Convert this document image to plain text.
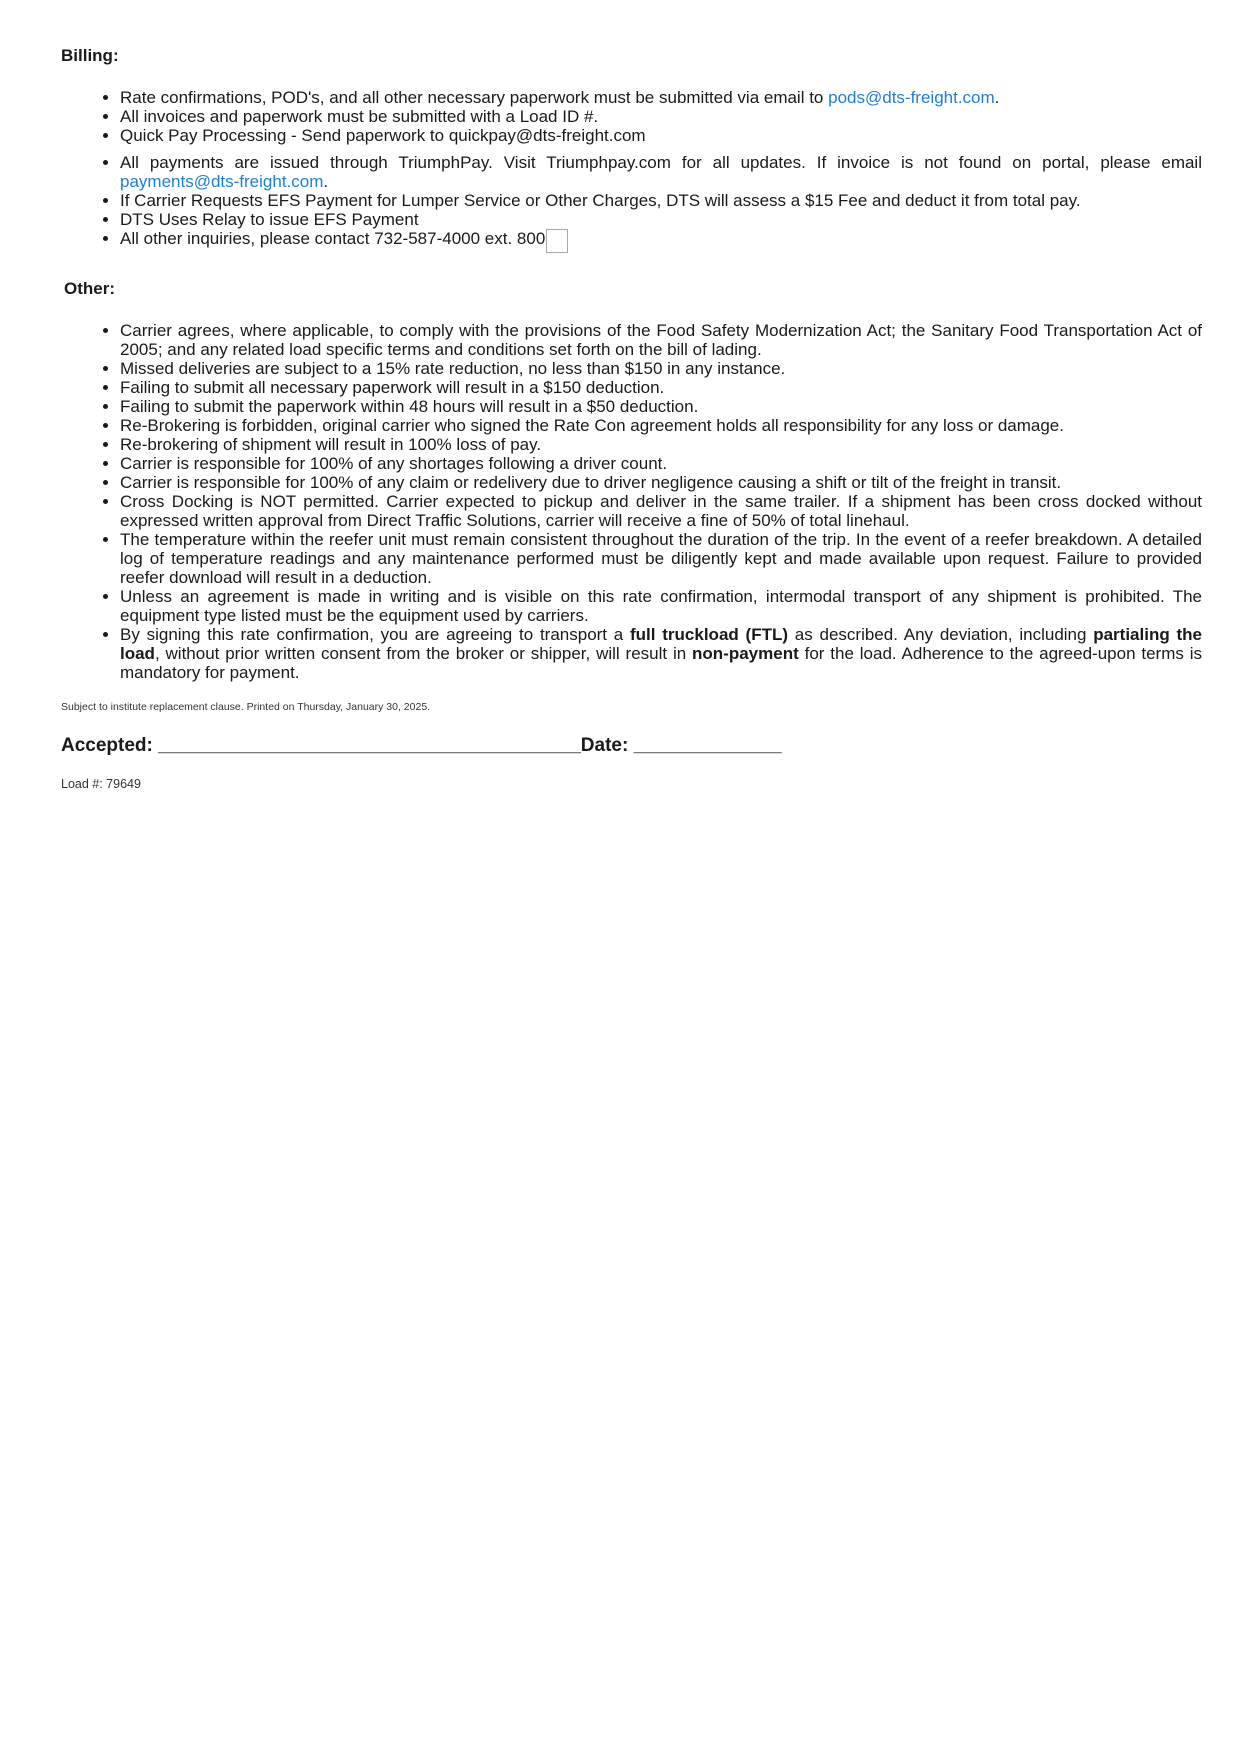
Billing:
• Rate confirmations, POD's, and all other necessary paperwork must be submitted via email to pods@dts-freight.com.
• All invoices and paperwork must be submitted with a Load ID #.
• Quick Pay Processing - Send paperwork to quickpay@dts-freight.com
• All payments are issued through TriumphPay. Visit Triumphpay.com for all updates. If invoice is not found on portal, please email payments@dts-freight.com.
• If Carrier Requests EFS Payment for Lumper Service or Other Charges, DTS will assess a $15 Fee and deduct it from total pay.
• DTS Uses Relay to issue EFS Payment
• All other inquiries, please contact 732-587-4000 ext. 800
Other:
• Carrier agrees, where applicable, to comply with the provisions of the Food Safety Modernization Act; the Sanitary Food Transportation Act of 2005; and any related load specific terms and conditions set forth on the bill of lading.
• Missed deliveries are subject to a 15% rate reduction, no less than $150 in any instance.
• Failing to submit all necessary paperwork will result in a $150 deduction.
• Failing to submit the paperwork within 48 hours will result in a $50 deduction.
• Re-Brokering is forbidden, original carrier who signed the Rate Con agreement holds all responsibility for any loss or damage.
• Re-brokering of shipment will result in 100% loss of pay.
• Carrier is responsible for 100% of any shortages following a driver count.
• Carrier is responsible for 100% of any claim or redelivery due to driver negligence causing a shift or tilt of the freight in transit.
• Cross Docking is NOT permitted. Carrier expected to pickup and deliver in the same trailer. If a shipment has been cross docked without expressed written approval from Direct Traffic Solutions, carrier will receive a fine of 50% of total linehaul.
• The temperature within the reefer unit must remain consistent throughout the duration of the trip. In the event of a reefer breakdown. A detailed log of temperature readings and any maintenance performed must be diligently kept and made available upon request. Failure to provided reefer download will result in a deduction.
• Unless an agreement is made in writing and is visible on this rate confirmation, intermodal transport of any shipment is prohibited. The equipment type listed must be the equipment used by carriers.
• By signing this rate confirmation, you are agreeing to transport a full truckload (FTL) as described. Any deviation, including partialing the load, without prior written consent from the broker or shipper, will result in non-payment for the load. Adherence to the agreed-upon terms is mandatory for payment.
Subject to institute replacement clause. Printed on Thursday, January 30, 2025.
Accepted: ________________________________________Date: ______________
Load #: 79649
